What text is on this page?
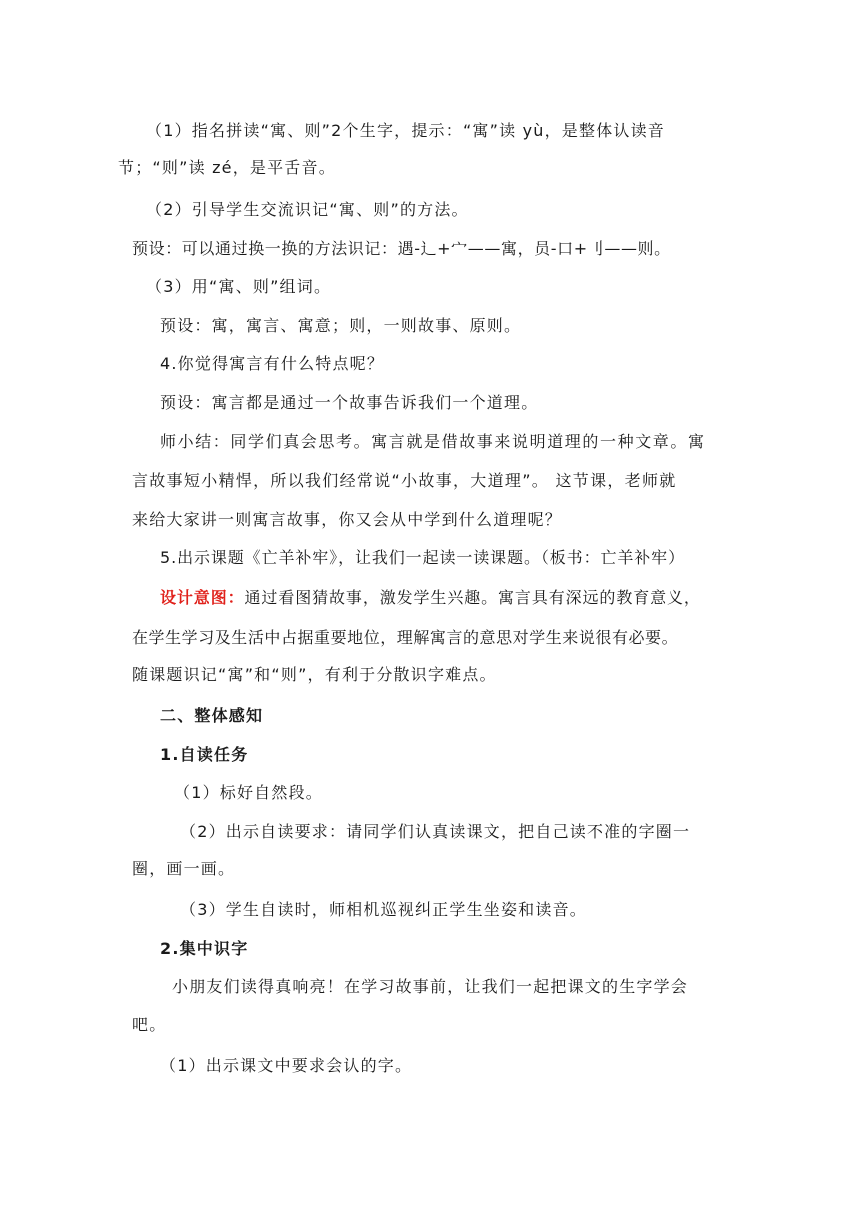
（1）指名拼读“寓、则”2个生字，提示：“寓”读 yù，是整体认读音
节；“则”读 zé，是平舌音。
（2）引导学生交流识记“寓、则”的方法。
预设：可以通过换一换的方法识记：遇-辶+宀——寓，员-口+刂——则。
（3）用“寓、则”组词。
预设：寓，寓言、寓意；则，一则故事、原则。
4.你觉得寓言有什么特点呢？
预设：寓言都是通过一个故事告诉我们一个道理。
师小结：同学们真会思考。寓言就是借故事来说明道理的一种文章。寓
言故事短小精悍，所以我们经常说“小故事，大道理”。 这节课，老师就
来给大家讲一则寓言故事，你又会从中学到什么道理呢？
5.出示课题《亡羊补牢》，让我们一起读一读课题。（板书：亡羊补牢）
设计意图：通过看图猜故事，激发学生兴趣。寓言具有深远的教育意义，
在学生学习及生活中占据重要地位，理解寓言的意思对学生来说很有必要。
随课题识记“寓”和“则”，有利于分散识字难点。
二、整体感知
1.自读任务
（1）标好自然段。
（2）出示自读要求：请同学们认真读课文，把自己读不准的字圈一
圈，画一画。
（3）学生自读时，师相机巡视纠正学生坐姿和读音。
2.集中识字
小朋友们读得真响亮！在学习故事前，让我们一起把课文的生字学会
吧。
（1）出示课文中要求会认的字。
